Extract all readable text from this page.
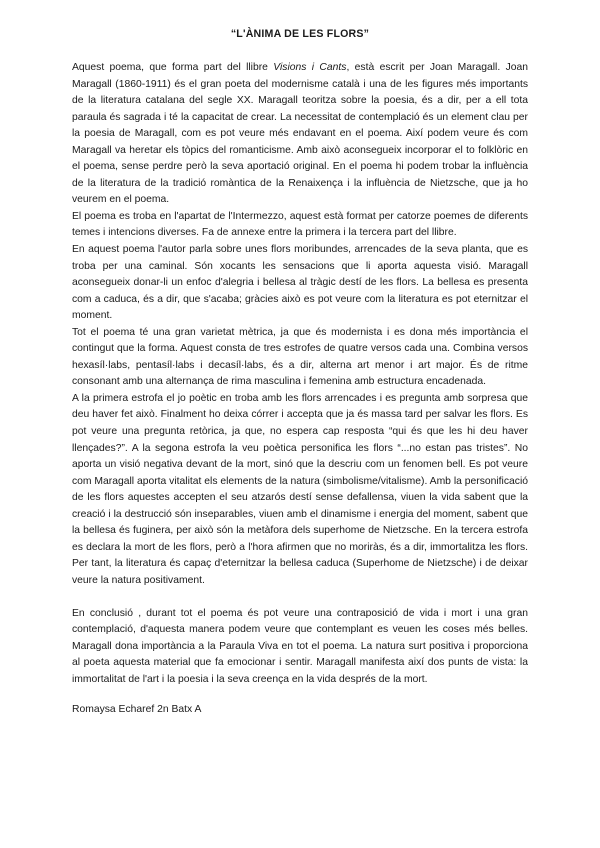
“L'ÀNIMA DE LES FLORS”

Aquest poema, que forma part del llibre Visions i Cants, està escrit per Joan Maragall. Joan Maragall (1860-1911) és el gran poeta del modernisme català i una de les figures més importants de la literatura catalana del segle XX. Maragall teoritza sobre la poesia, és a dir, per a ell tota paraula és sagrada i té la capacitat de crear. La necessitat de contemplació és un element clau per la poesia de Maragall, com es pot veure més endavant en el poema. Així podem veure és com Maragall va heretar els tòpics del romanticisme. Amb això aconsegueix incorporar el to folklòric en el poema, sense perdre però la seva aportació original. En el poema hi podem trobar la influència de la literatura de la tradició romàntica de la Renaixença i la influència de Nietzsche, que ja ho veurem en el poema.

El poema es troba en l'apartat de l'Intermezzo, aquest està format per catorze poemes de diferents temes i intencions diverses. Fa de annexe entre la primera i la tercera part del llibre.

En aquest poema l'autor parla sobre unes flors moribundes, arrencades de la seva planta, que es troba per una caminal. Són xocants les sensacions que li aporta aquesta visió. Maragall aconsegueix donar-li un enfoc d'alegria i bellesa al tràgic destí de les flors. La bellesa es presenta com a caduca, és a dir, que s'acaba; gràcies això es pot veure com la literatura es pot eternitzar el moment.

Tot el poema té una gran varietat mètrica, ja que és modernista i es dona més importància el contingut que la forma. Aquest consta de tres estrofes de quatre versos cada una. Combina versos hexasíl·labs, pentasíl·labs i decasíl·labs, és a dir, alterna art menor i art major. És de ritme consonant amb una alternança de rima masculina i femenina amb estructura encadenada.

A la primera estrofa el jo poètic en troba amb les flors arrencades i es pregunta amb sorpresa que deu haver fet això. Finalment ho deixa córrer i accepta que ja és massa tard per salvar les flors. Es pot veure una pregunta retòrica, ja que, no espera cap resposta “qui és que les hi deu haver llençades?”. A la segona estrofa la veu poètica personifica les flors “...no estan pas tristes”. No aporta un visió negativa devant de la mort, sinó que la descriu com un fenomen bell. Es pot veure com Maragall aporta vitalitat els elements de la natura (simbolisme/vitalisme). Amb la personificació de les flors aquestes accepten el seu atzarós destí sense defallensa, viuen la vida sabent que la creació i la destrucció són inseparables, viuen amb el dinamisme i energia del moment, sabent que la bellesa és fuginera, per això són la metàfora dels superhome de Nietzsche. En la tercera estrofa es declara la mort de les flors, però a l'hora afirmen que no moriràs, és a dir, immortalitza les flors. Per tant, la literatura és capaç d'eternitzar la bellesa caduca (Superhome de Nietzsche) i de deixar veure la natura positivament.

En conclusió , durant tot el poema és pot veure una contraposició de vida i mort i una gran contemplació, d'aquesta manera podem veure que contemplant es veuen les coses més belles. Maragall dona importància a la Paraula Viva en tot el poema. La natura surt positiva i proporciona al poeta aquesta material que fa emocionar i sentir. Maragall manifesta així dos punts de vista: la immortalitat de l'art i la poesia i la seva creença en la vida després de la mort.

Romaysa Echaref 2n Batx A
